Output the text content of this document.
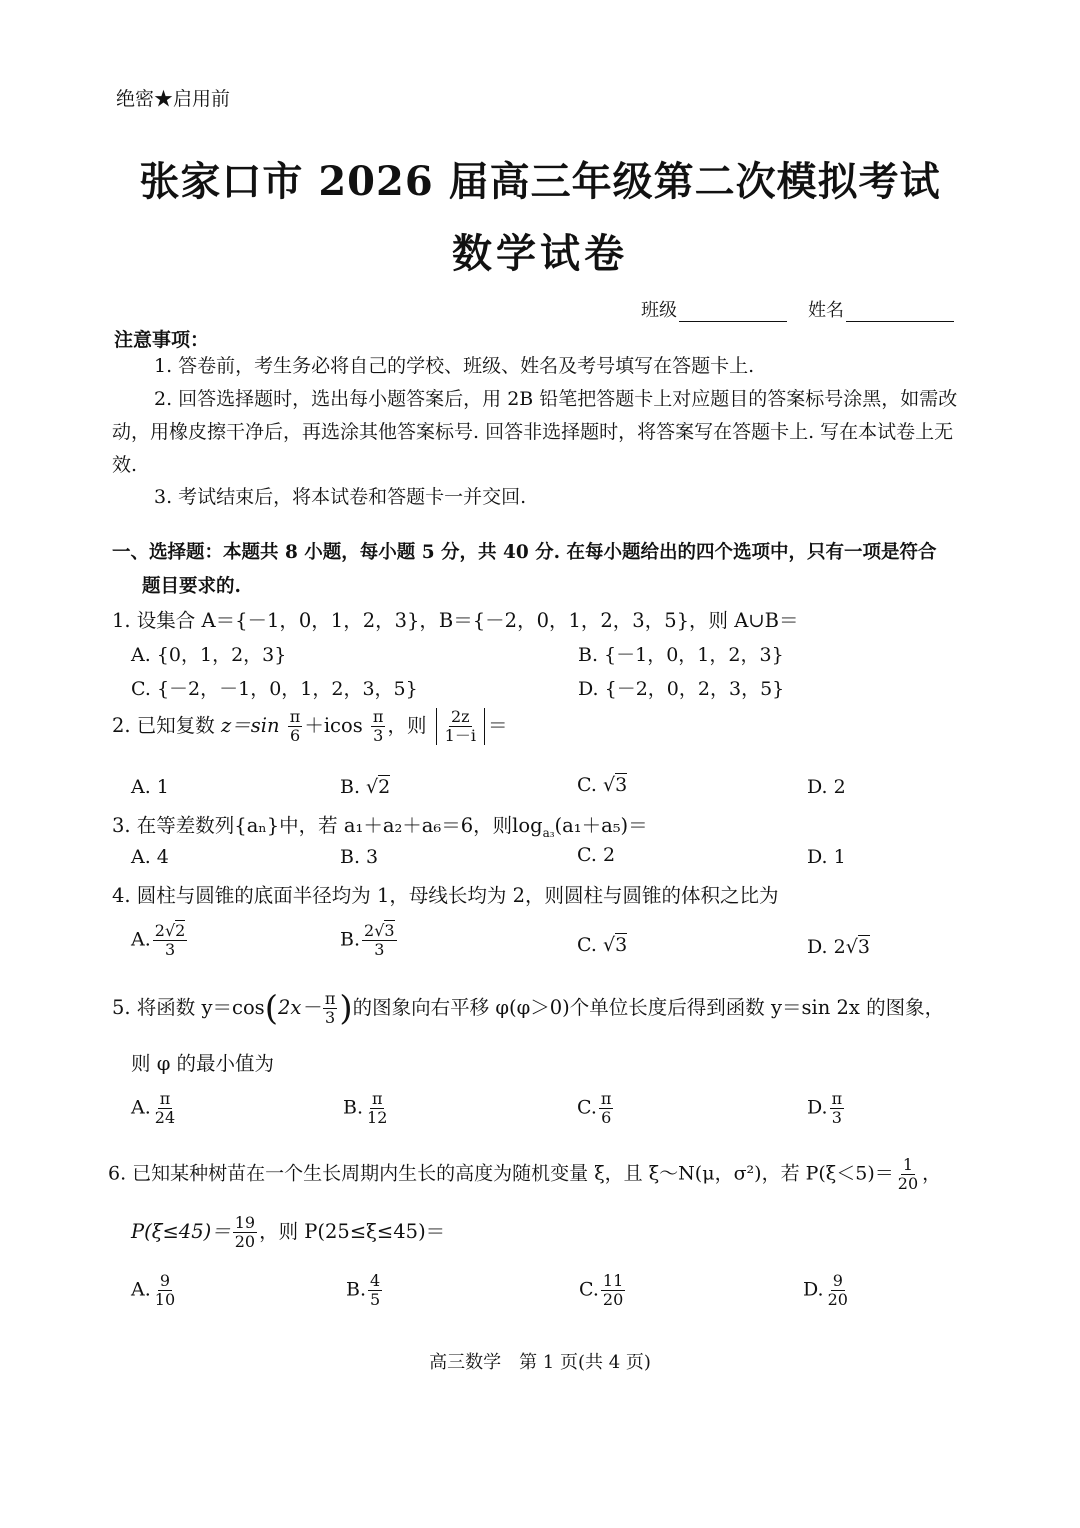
绝密★启用前
张家口市 2026 届高三年级第二次模拟考试
数学试卷
班级	姓名
注意事项：
1. 答卷前，考生务必将自己的学校、班级、姓名及考号填写在答题卡上.
2. 回答选择题时，选出每小题答案后，用 2B 铅笔把答题卡上对应题目的答案标号涂黑，如需改动，用橡皮擦干净后，再选涂其他答案标号. 回答非选择题时，将答案写在答题卡上. 写在本试卷上无效.
3. 考试结束后，将本试卷和答题卡一并交回.
一、选择题：本题共 8 小题，每小题 5 分，共 40 分. 在每小题给出的四个选项中，只有一项是符合
题目要求的.
1. 设集合 A＝{－1，0，1，2，3}，B＝{－2，0，1，2，3，5}，则 A∪B＝
A. {0，1，2，3}	B. {－1，0，1，2，3}
C. {－2，－1，0，1，2，3，5}	D. {－2，0，2，3，5}
2. 已知复数 $z=\sin \frac{\pi}{6} +icos \frac{\pi}{3}$ ，则 $\frac{2z}{1-i}$ ＝
A. 1	B. √2	C. √3	D. 2
3. 在等差数列{aₙ}中，若 a₁＋a₂＋a₆＝6，则$\log_{a_3}(a_1+a_5)=$
A. 4	B. 3	C. 2	D. 1
4. 圆柱与圆锥的底面半径均为 1，母线长均为 2，则圆柱与圆锥的体积之比为
A. $\frac{2√2}{3}$	B. $\frac{2√3}{3}$	C. √3	D. 2√3
5. 将函数 $y=\cos(2x- \frac{\pi}{3}$ )的图象向右平移 φ(φ＞0)个单位长度后得到函数 y＝sin 2x 的图象，
则 φ 的最小值为
A. $\frac{\pi}{24}$	B. $\frac{\pi}{12}$	C. $\frac{\pi}{6}$	D. $\frac{\pi}{3}$
6. 已知某种树苗在一个生长周期内生长的高度为随机变量 ξ，且 ξ～N(μ，σ²)，若 $P(\xi<5)= \frac{1}{20}$ ，
$P(\xi\le 45)= \frac{19}{20}$ ，则 P(25≤ξ≤45)＝
A. $\frac{9}{10}$	B. $\frac{4}{5}$	C. $\frac{11}{20}$	D. $\frac{9}{20}$
高三数学　第 1 页(共 4 页)
